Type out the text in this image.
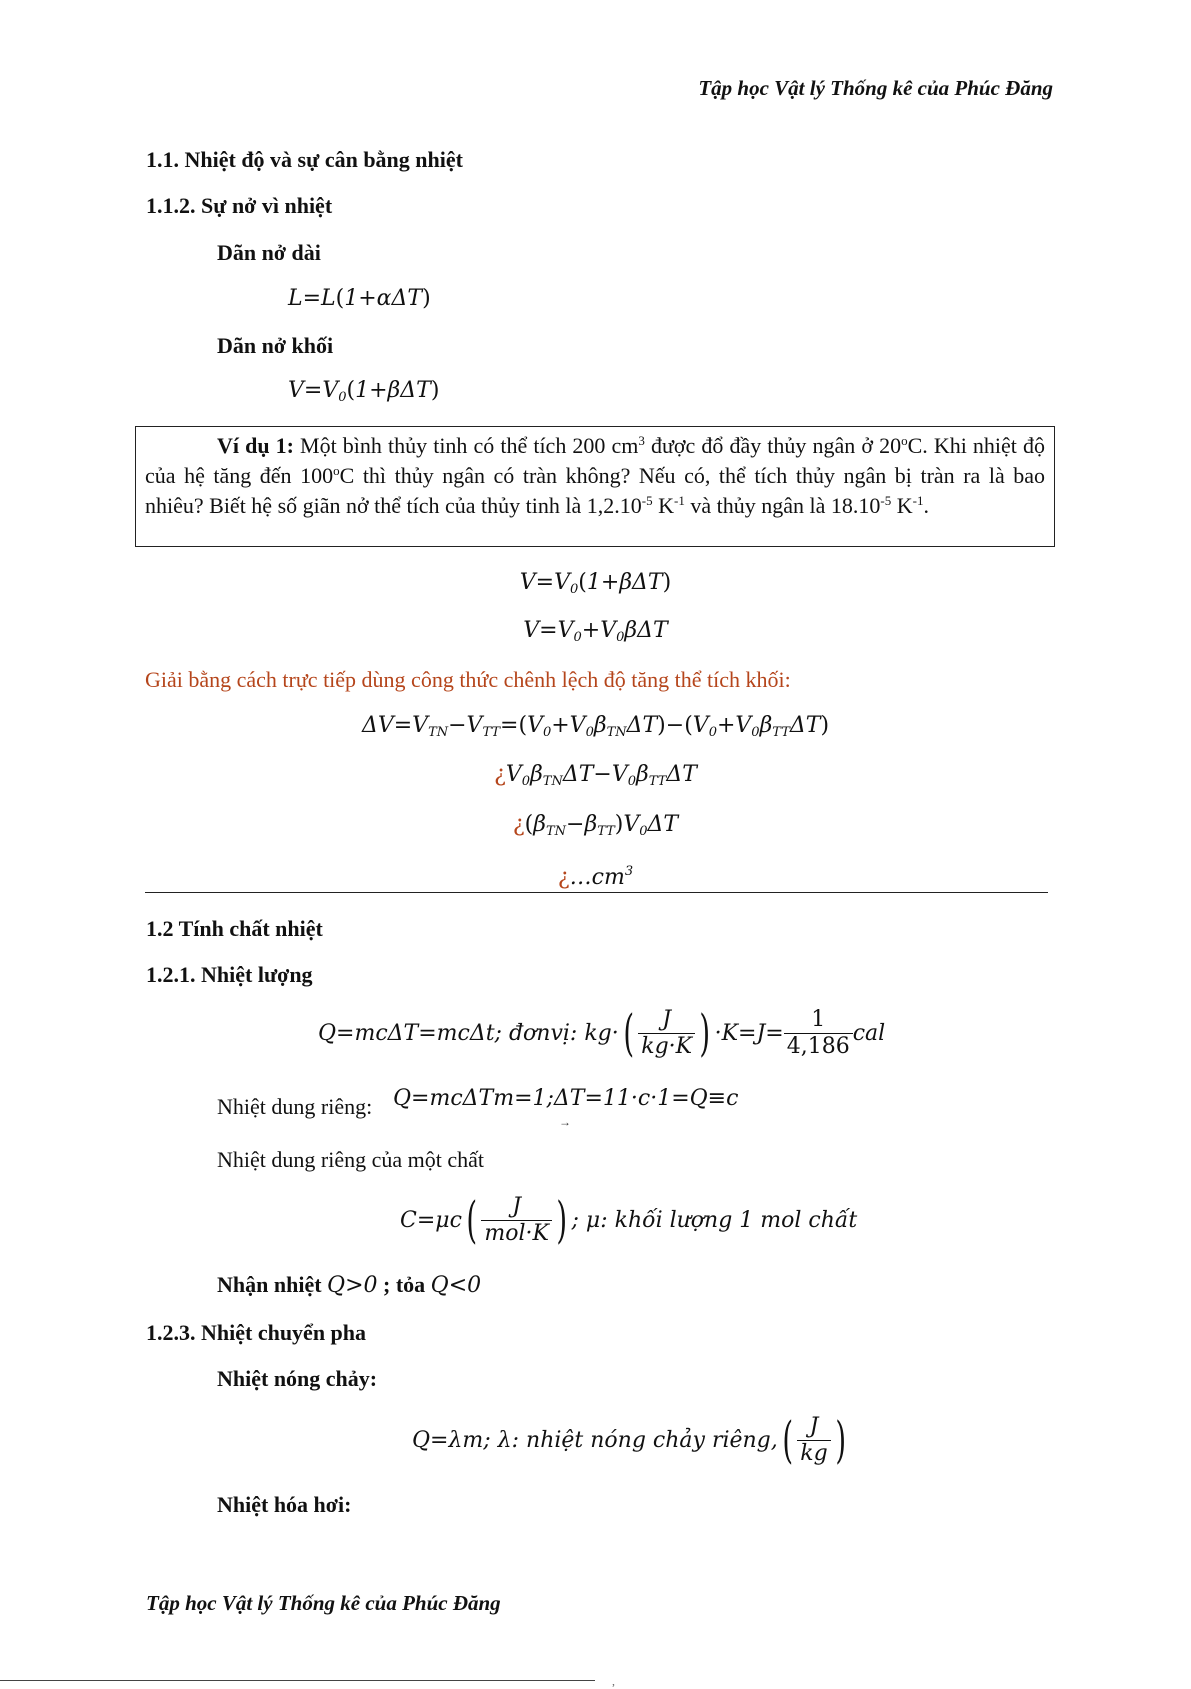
Tập học Vật lý Thống kê của Phúc Đăng
1.1. Nhiệt độ và sự cân bằng nhiệt
1.1.2. Sự nở vì nhiệt
Dãn nở dài
L=L(1+αΔT)
Dãn nở khối
$V=V_0(1+\beta\Delta T)$
Ví dụ 1: Một bình thủy tinh có thể tích 200 $cm^3$ được đổ đầy thủy ngân ở 20$^o$C. Khi nhiệt độ của hệ tăng đến 100$^o$C thì thủy ngân có tràn không? Nếu có, thể tích thủy ngân bị tràn ra là bao nhiêu? Biết hệ số giãn nở thể tích của thủy tinh là $1,2.10^{-5}$ $K^{-1}$ và thủy ngân là $18.10^{-5}$ $K^{-1}$.
$V=V_0(1+\beta\Delta T)$
$V=V_0+V_0\beta\Delta T$
Giải bằng cách trực tiếp dùng công thức chênh lệch độ tăng thể tích khối:
$\Delta V=V_{TN}-V_{TT}=(V_0+V_0\beta_{TN}\Delta T)-(V_0+V_0\beta_{TT}\Delta T)$
¿$V_0\beta_{TN}\Delta T-V_0\beta_{TT}\Delta T$
¿$(\beta_{TN}-\beta_{TT})V_0\Delta T$
¿$\dots cm^3$
1.2 Tính chất nhiệt
1.2.1. Nhiệt lượng
Q=mcΔT=mcΔt; đơnvị: kg· ( $\frac{J}{kg\cdot K}$ ) $\cdot K=J= \frac{1}{4,186}$ cal
Nhiệt dung riêng: Q=mcΔTm=1;ΔT=11·c·1=Q≡c
→
Nhiệt dung riêng của một chất
C=μc ( $\frac{J}{\text{mol·K}}$ ) ; μ: khối lượng 1 mol chất
Nhận nhiệt Q>0 ; tỏa Q<0
1.2.3. Nhiệt chuyển pha
Nhiệt nóng chảy:
Q=λm; λ: nhiệt nóng chảy riêng, ( $\frac{J}{kg}$ )
Nhiệt hóa hơi:
Tập học Vật lý Thống kê của Phúc Đăng
,
